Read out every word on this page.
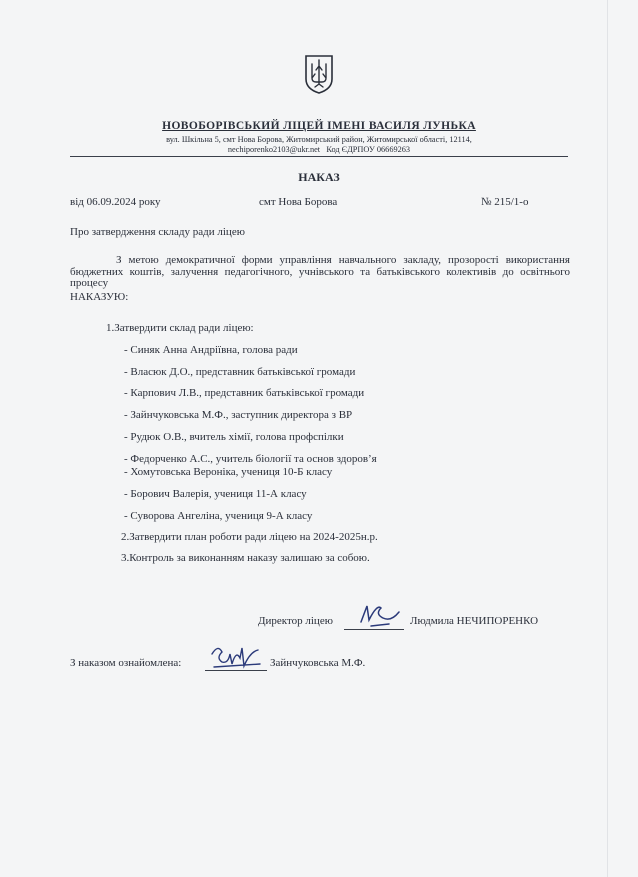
НОВОБОРІВСЬКИЙ ЛІЦЕЙ ІМЕНІ ВАСИЛЯ ЛУНЬКА
вул. Шкільна 5, смт Нова Борова, Житомирський район, Житомирської області, 12114,
nechiporenko2103@ukr.net Код ЄДРПОУ 06669263
НАКАЗ
від 06.09.2024 року	смт Нова Борова	№ 215/1-о
Про затвердження складу ради ліцею
З метою демократичної форми управління навчального закладу, прозорості використання бюджетних коштів, залучення педагогічного, учнівського та батьківського колективів до освітнього процесу
НАКАЗУЮ:
1.Затвердити склад ради ліцею:
- Синяк Анна Андріївна, голова ради
- Власюк Д.О., представник батьківської громади
- Карпович Л.В., представник батьківської громади
- Зайнчуковська М.Ф., заступник директора з ВР
- Рудюк О.В., вчитель хімії, голова профспілки
- Федорченко А.С., учитель біології та основ здоров’я
- Хомутовська Вероніка, учениця 10-Б класу
- Борович Валерія, учениця 11-А класу
- Суворова Ангеліна, учениця 9-А класу
2.Затвердити план роботи ради ліцею на 2024-2025н.р.
3.Контроль за виконанням наказу залишаю за собою.
Директор ліцею	Людмила НЕЧИПОРЕНКО
З наказом ознайомлена:	Зайнчуковська М.Ф.
